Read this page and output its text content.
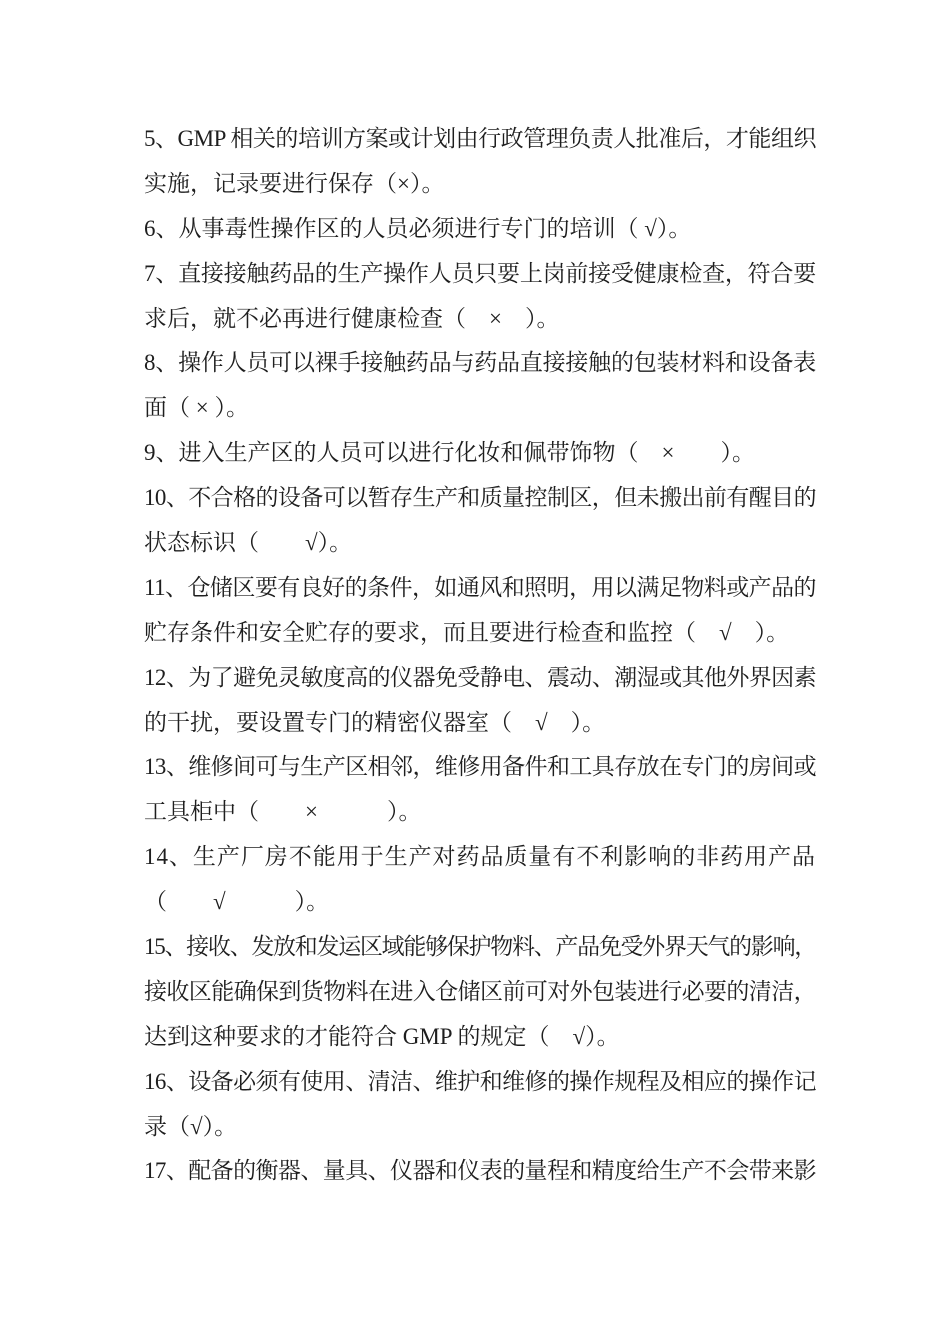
5、GMP 相关的培训方案或计划由行政管理负责人批准后，才能组织
实施，记录要进行保存（×）。
6、从事毒性操作区的人员必须进行专门的培训（ √）。
7、直接接触药品的生产操作人员只要上岗前接受健康检查，符合要
求后，就不必再进行健康检查（　×　）。
8、操作人员可以裸手接触药品与药品直接接触的包装材料和设备表
面（ × ）。
9、进入生产区的人员可以进行化妆和佩带饰物（　×　　）。
10、不合格的设备可以暂存生产和质量控制区，但未搬出前有醒目的
状态标识（　　√）。
11、仓储区要有良好的条件，如通风和照明，用以满足物料或产品的
贮存条件和安全贮存的要求，而且要进行检查和监控（　√　）。
12、为了避免灵敏度高的仪器免受静电、震动、潮湿或其他外界因素
的干扰，要设置专门的精密仪器室（　√　）。
13、维修间可与生产区相邻，维修用备件和工具存放在专门的房间或
工具柜中（　　×　　　）。
14、生产厂房不能用于生产对药品质量有不利影响的非药用产品
（　　√　　　）。
15、接收、发放和发运区域能够保护物料、产品免受外界天气的影响，
接收区能确保到货物料在进入仓储区前可对外包装进行必要的清洁，
达到这种要求的才能符合 GMP 的规定（　√）。
16、设备必须有使用、清洁、维护和维修的操作规程及相应的操作记
录（√）。
17、配备的衡器、量具、仪器和仪表的量程和精度给生产不会带来影
